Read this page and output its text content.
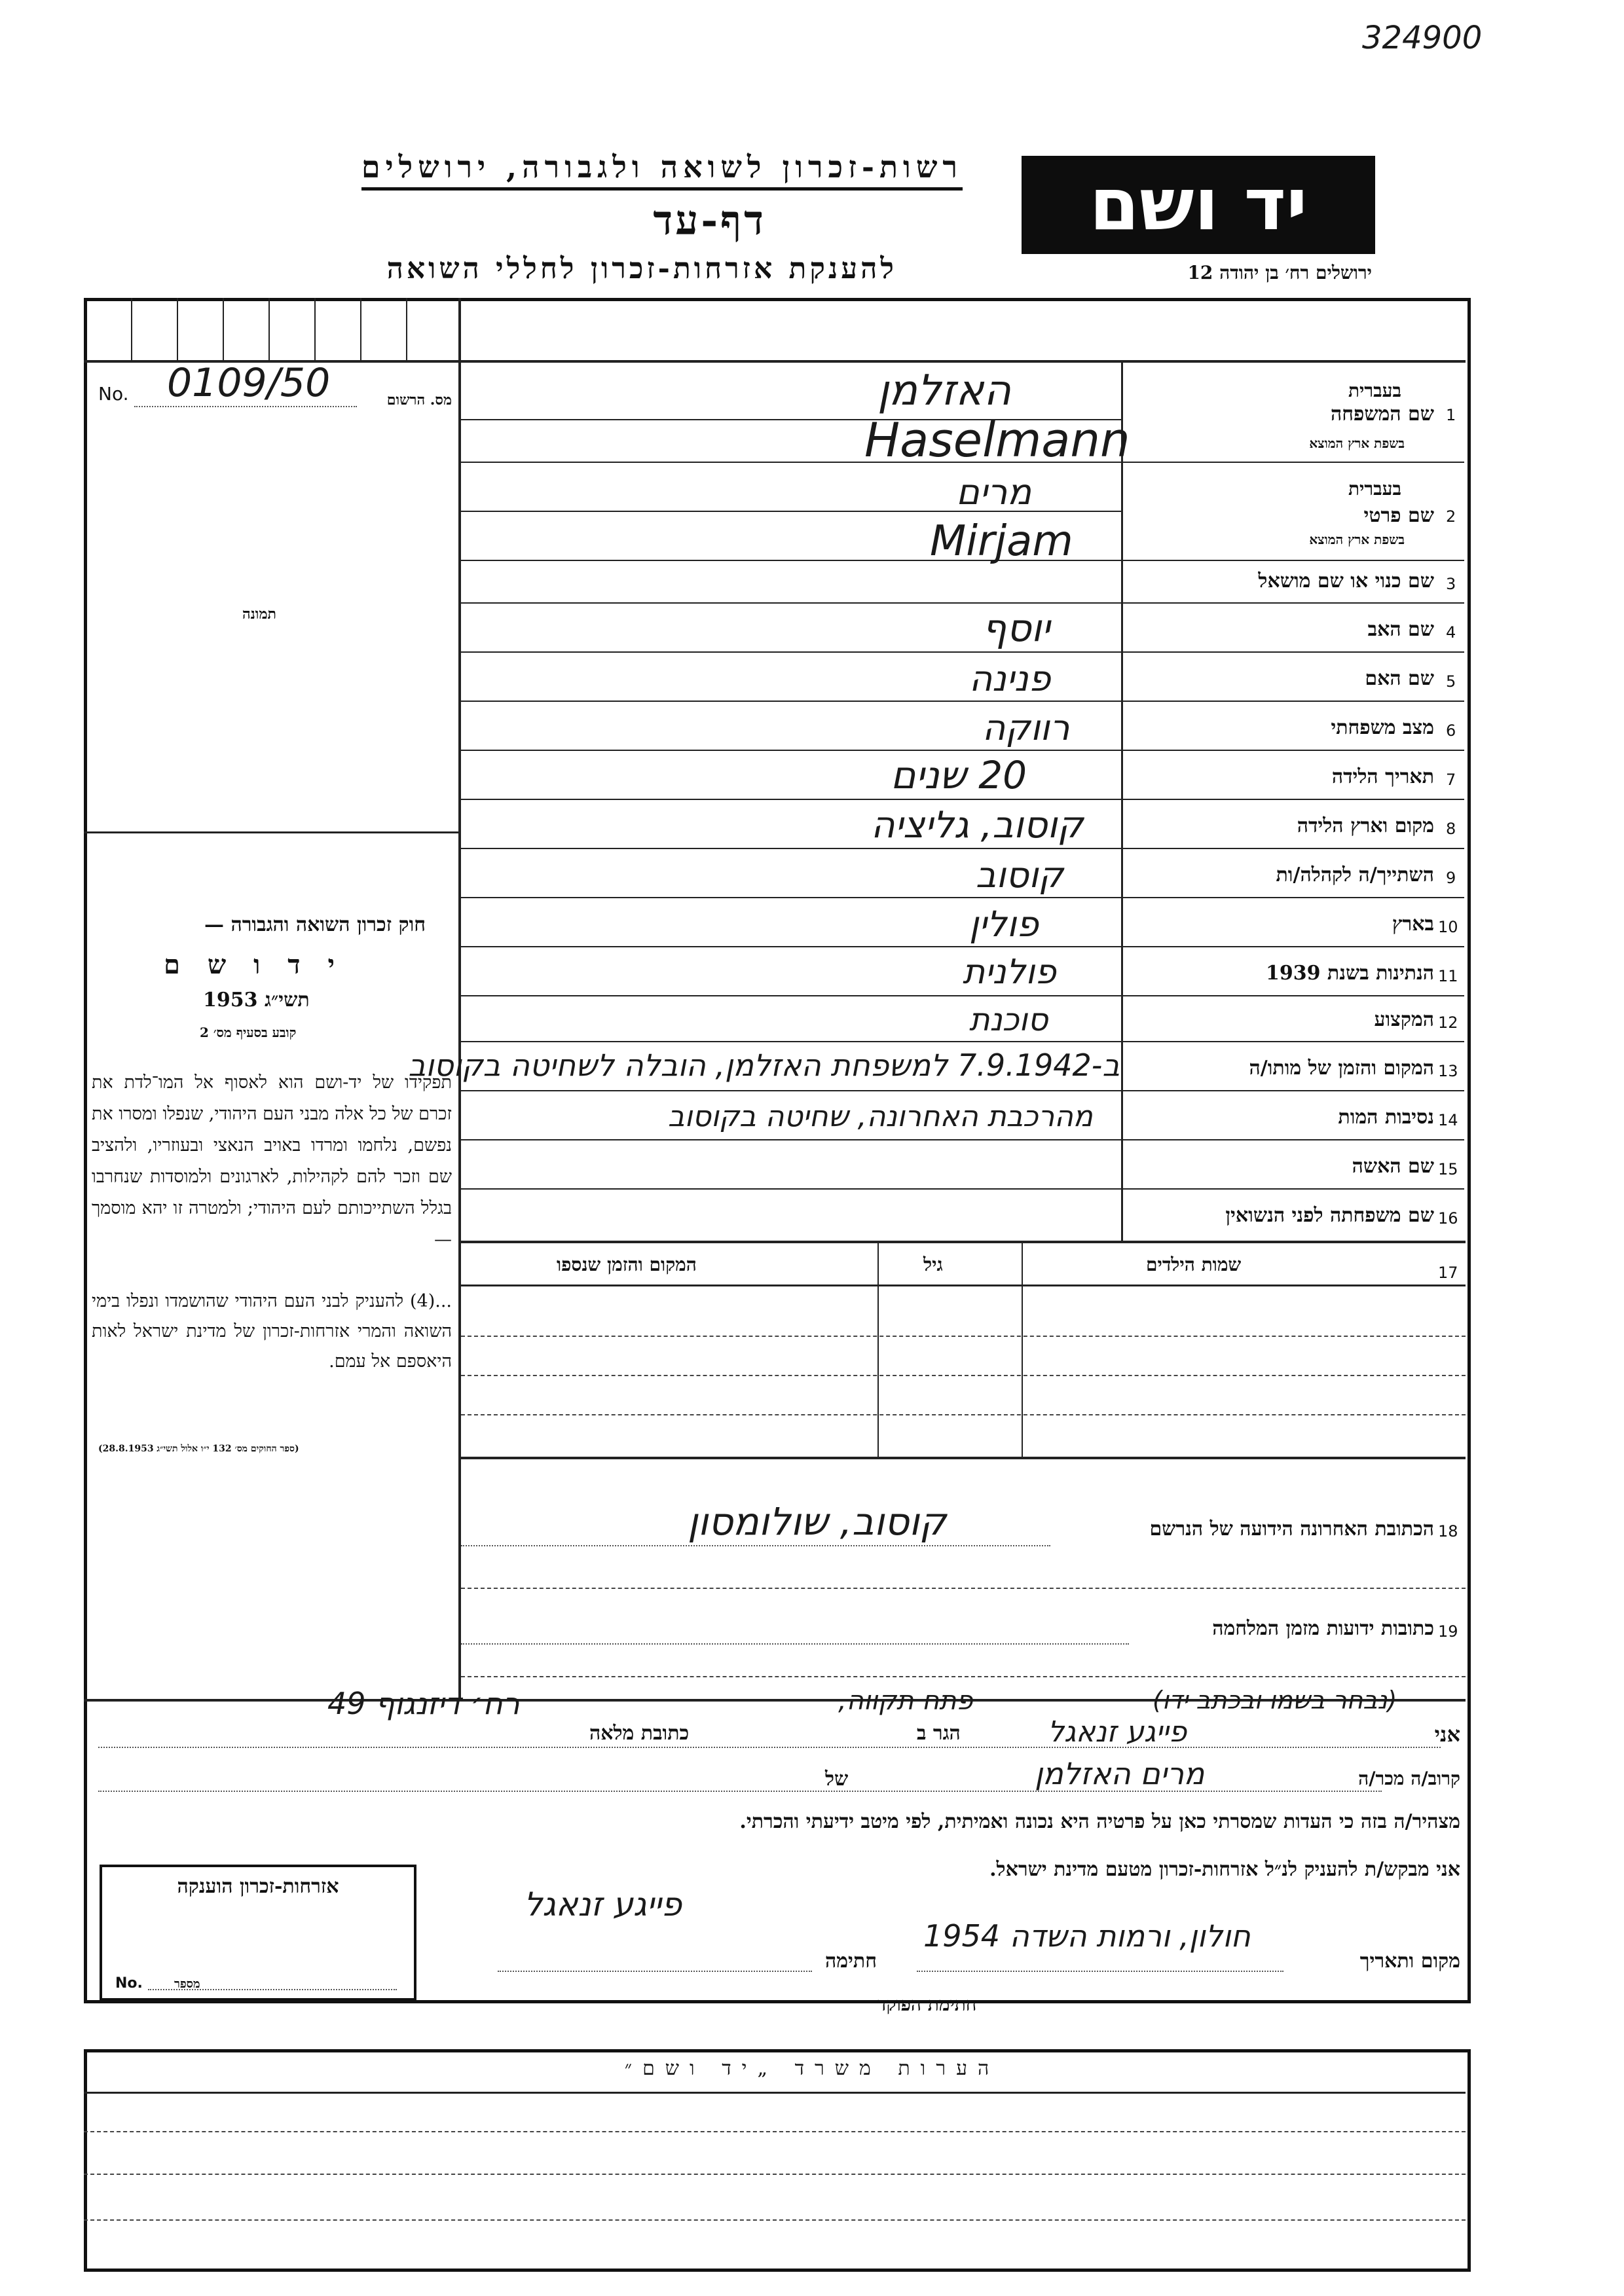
324900
רשות-זכרון לשואה ולגבורה, ירושלים
דף-עד
להענקת אזרחות-זכרון לחללי השואה
יד ושם
ירושלים רח׳ בן יהודה 12
No. 0109/50	מס. הרשום
תמונה
חוק זכרון השואה והגבורה —
י ד ו ש ם
תשי״ג 1953
קובע בסעיף מס׳ 2
תפקידו של יד-ושם הוא לאסוף אל המו־לדת את זכרם של כל אלה מבני העם היהודי, שנפלו ומסרו את נפשם, נלחמו ומרדו באויב הנאצי ובעוזריו, ולהציב שם וזכר להם לקהילות, לארגונים ולמוסדות שנחרבו בגלל השתייכותם לעם היהודי; ולמטרה זו יהא מוסמך —
...(4) להעניק לבני העם היהודי שהושמדו ונפלו בימי השואה והמרי אזרחות-זכרון של מדינת ישראל לאות היאספם אל עמם.
(ספר החוקים מס׳ 132 י״ו אלול תשי״ג 28.8.1953)
1
שם המשפחה
בעברית
בשפת ארץ המוצא
האזלמן
Haselmann
2
שם פרטי
בעברית
בשפת ארץ המוצא
מרים
Mirjam
3
שם כנוי או שם מושאל
4
שם האב
יוסף
5
שם האם
פנינה
6
מצב משפחתי
רווקה
7
תאריך הלידה
20 שנים
8
מקום וארץ הלידה
קוסוב, גליציה
9
השתייך/ה לקהלה/ות
קוסוב
10
בארץ
פולין
11
הנתינות בשנת 1939
פולנית
12
המקצוע
סוכנת
13
המקום והזמן של מותו/ה
ב-7.9.1942 למשפחת האזלמן, הובלה לשחיטה בקוסוב
14
נסיבות המות
מהרכבת האחרונה, שחיטה בקוסוב
15
שם האשה
16
שם משפחתה לפני הנשואין
17
שמות הילדים
גיל
המקום והזמן שנספו
18
הכתובת האחרונה הידועה של הנרשם
קוסוב, שולומסון
19
כתובות ידועות מזמן המלחמה
(נבחר בשמו ובכתב ידו)
אני
פייגע זנאגל
הגר ב
פתח תקווה,
כתובת מלאה
רח׳ דיזנגוף 49
קרוב/ה מכר/ה
מרים האזלמן
של
מצהיר/ה בזה כי העדות שמסרתי כאן על פרטיה היא נכונה ואמיתית, לפי מיטב ידיעתי והכרתי.
אני מבקש/ת להעניק לנ״ל אזרחות-זכרון מטעם מדינת ישראל.
אזרחות-זכרון הוענקה
No.	מספר
מקום ותאריך
חולון, ורמות השדה 1954
חתימה
פייגע זנאגל
חתימת הפוקד
הערות משרד „יד ושם״
